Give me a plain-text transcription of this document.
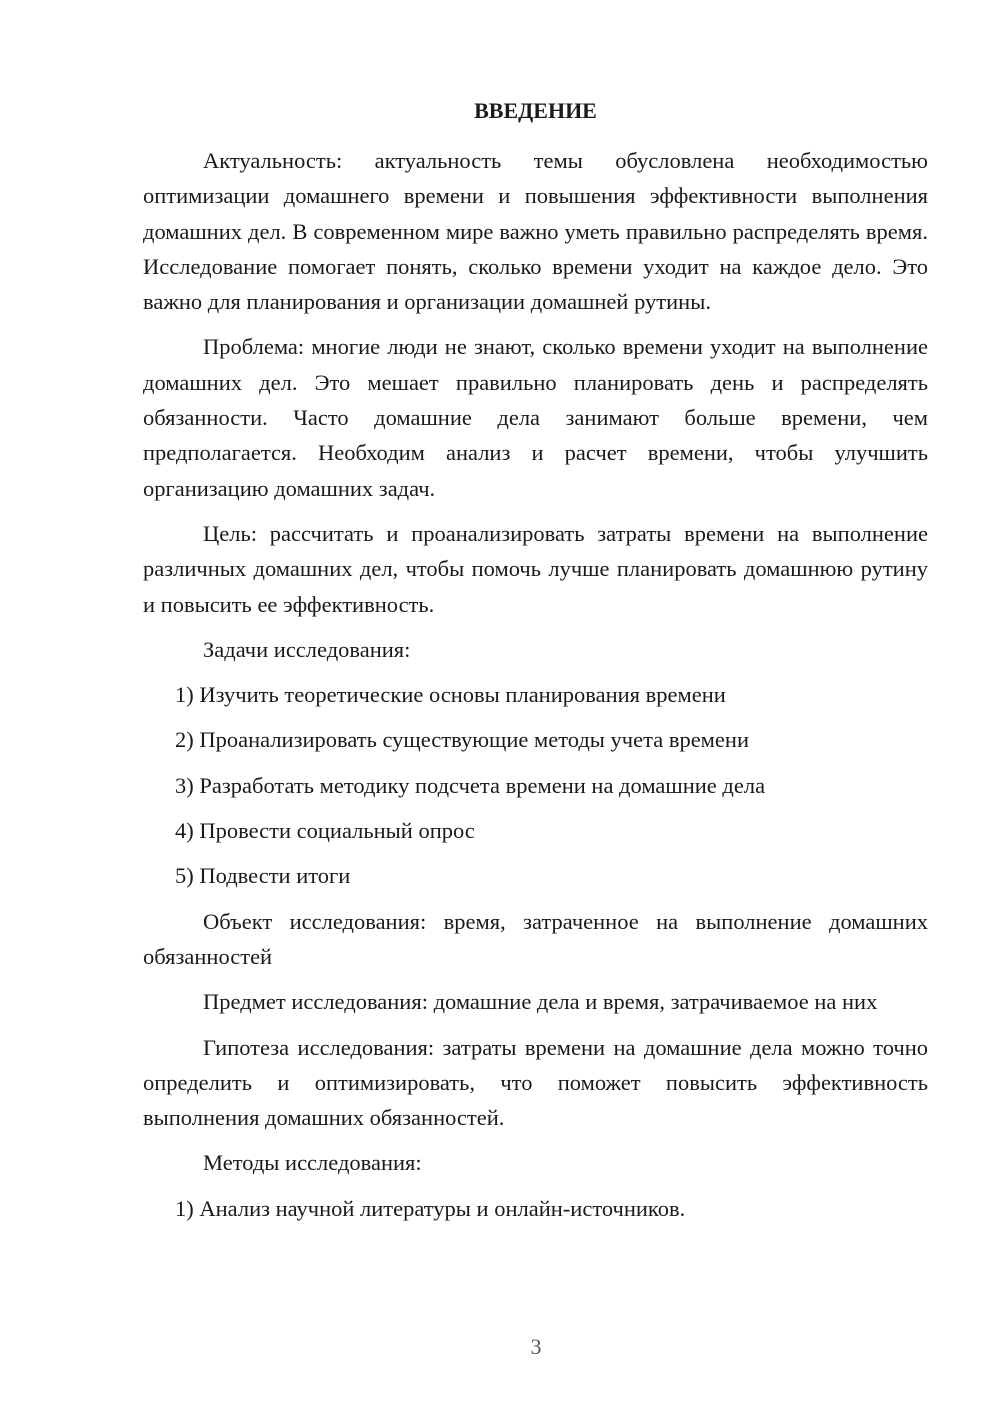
ВВЕДЕНИЕ

Актуальность: актуальность темы обусловлена необходимостью оптимизации домашнего времени и повышения эффективности выполнения домашних дел. В современном мире важно уметь правильно распределять время. Исследование помогает понять, сколько времени уходит на каждое дело. Это важно для планирования и организации домашней рутины.

Проблема: многие люди не знают, сколько времени уходит на выполнение домашних дел. Это мешает правильно планировать день и распределять обязанности. Часто домашние дела занимают больше времени, чем предполагается. Необходим анализ и расчет времени, чтобы улучшить организацию домашних задач.

Цель: рассчитать и проанализировать затраты времени на выполнение различных домашних дел, чтобы помочь лучше планировать домашнюю рутину и повысить ее эффективность.

Задачи исследования:

1) Изучить теоретические основы планирования времени

2) Проанализировать существующие методы учета времени

3) Разработать методику подсчета времени на домашние дела

4) Провести социальный опрос

5) Подвести итоги

Объект исследования: время, затраченное на выполнение домашних обязанностей

Предмет исследования: домашние дела и время, затрачиваемое на них

Гипотеза исследования: затраты времени на домашние дела можно точно определить и оптимизировать, что поможет повысить эффективность выполнения домашних обязанностей.

Методы исследования:

1) Анализ научной литературы и онлайн-источников.

3
